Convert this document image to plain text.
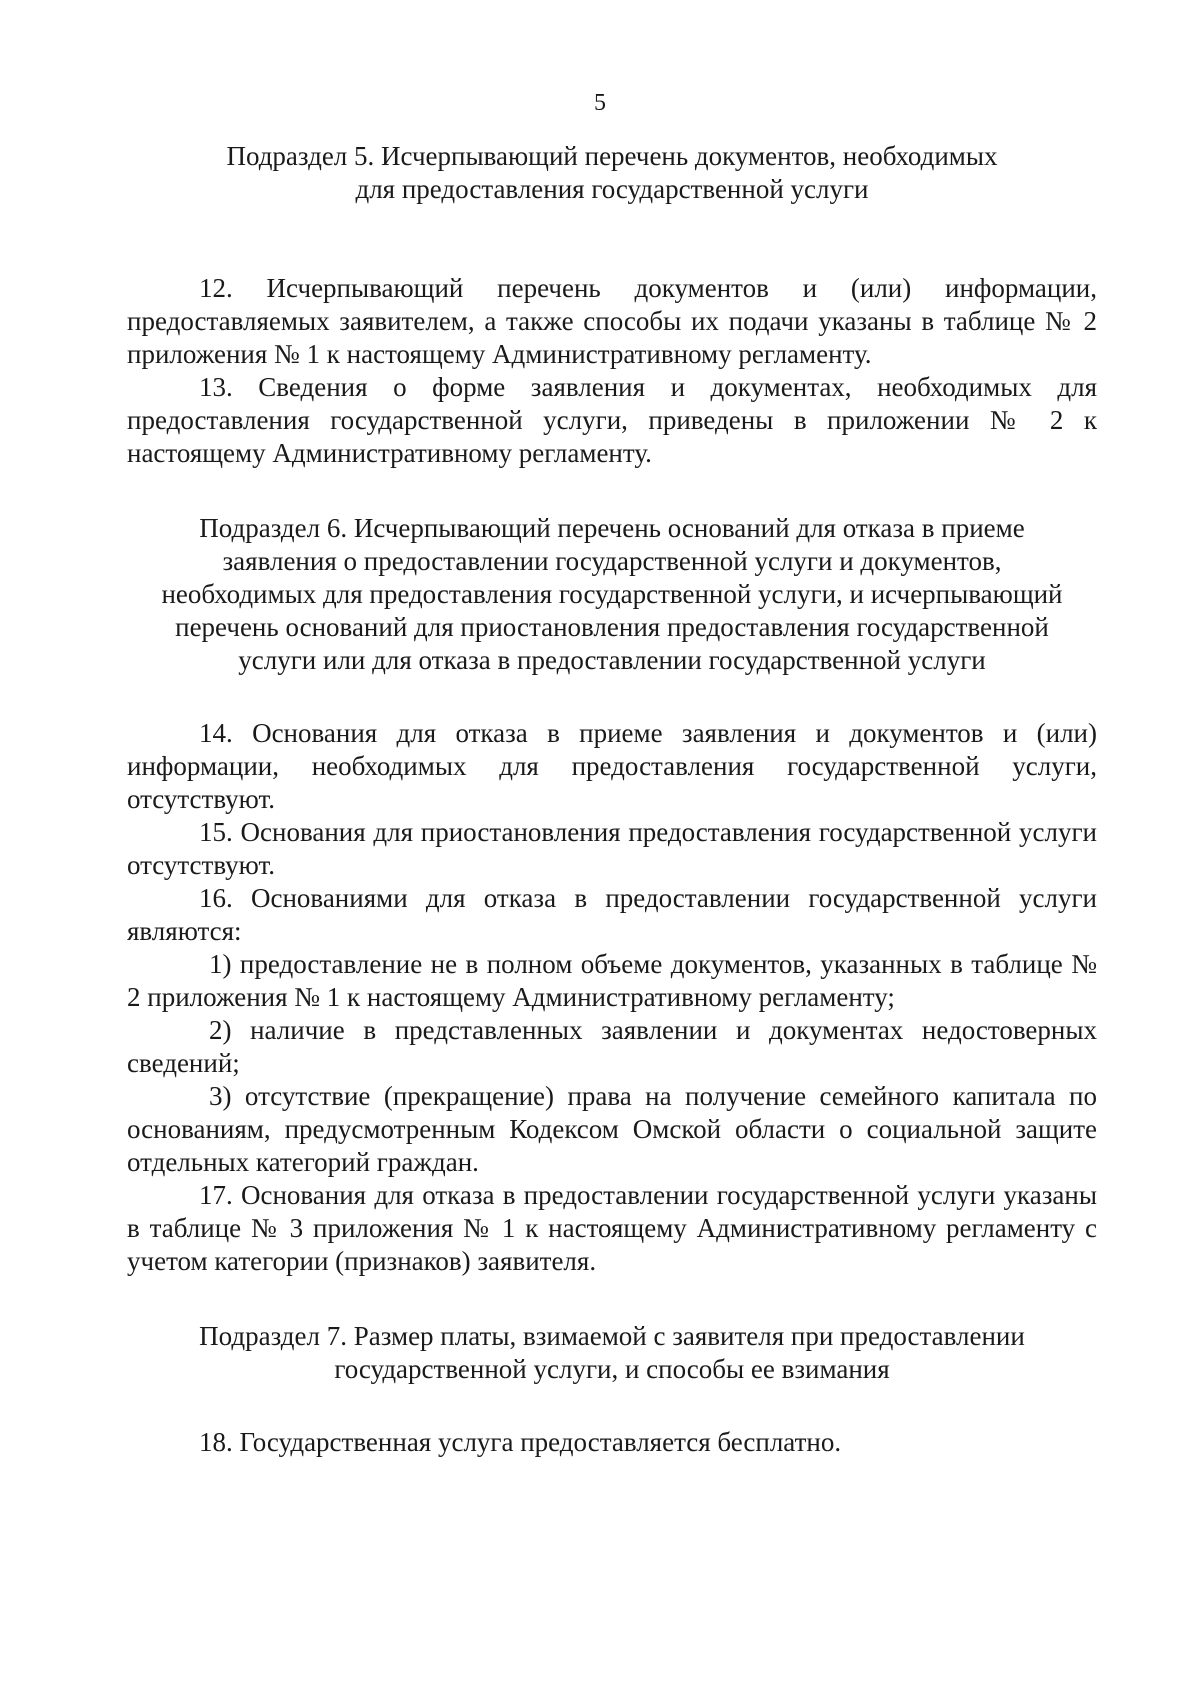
5
Подраздел 5. Исчерпывающий перечень документов, необходимых
для предоставления государственной услуги

12. Исчерпывающий перечень документов и (или) информации, предоставляемых заявителем, а также способы их подачи указаны в таблице № 2 приложения № 1 к настоящему Административному регламенту.

13. Сведения о форме заявления и документах, необходимых для предоставления государственной услуги, приведены в приложении № 2 к настоящему Административному регламенту.

Подраздел 6. Исчерпывающий перечень оснований для отказа в приеме
заявления о предоставлении государственной услуги и документов,
необходимых для предоставления государственной услуги, и исчерпывающий
перечень оснований для приостановления предоставления государственной
услуги или для отказа в предоставлении государственной услуги

14. Основания для отказа в приеме заявления и документов и (или) информации, необходимых для предоставления государственной услуги, отсутствуют.

15. Основания для приостановления предоставления государственной услуги отсутствуют.

16. Основаниями для отказа в предоставлении государственной услуги являются:

1) предоставление не в полном объеме документов, указанных в таблице № 2 приложения № 1 к настоящему Административному регламенту;

2) наличие в представленных заявлении и документах недостоверных сведений;

3) отсутствие (прекращение) права на получение семейного капитала по основаниям, предусмотренным Кодексом Омской области о социальной защите отдельных категорий граждан.

17. Основания для отказа в предоставлении государственной услуги указаны в таблице № 3 приложения № 1 к настоящему Административному регламенту с учетом категории (признаков) заявителя.

Подраздел 7. Размер платы, взимаемой с заявителя при предоставлении
государственной услуги, и способы ее взимания

18. Государственная услуга предоставляется бесплатно.
